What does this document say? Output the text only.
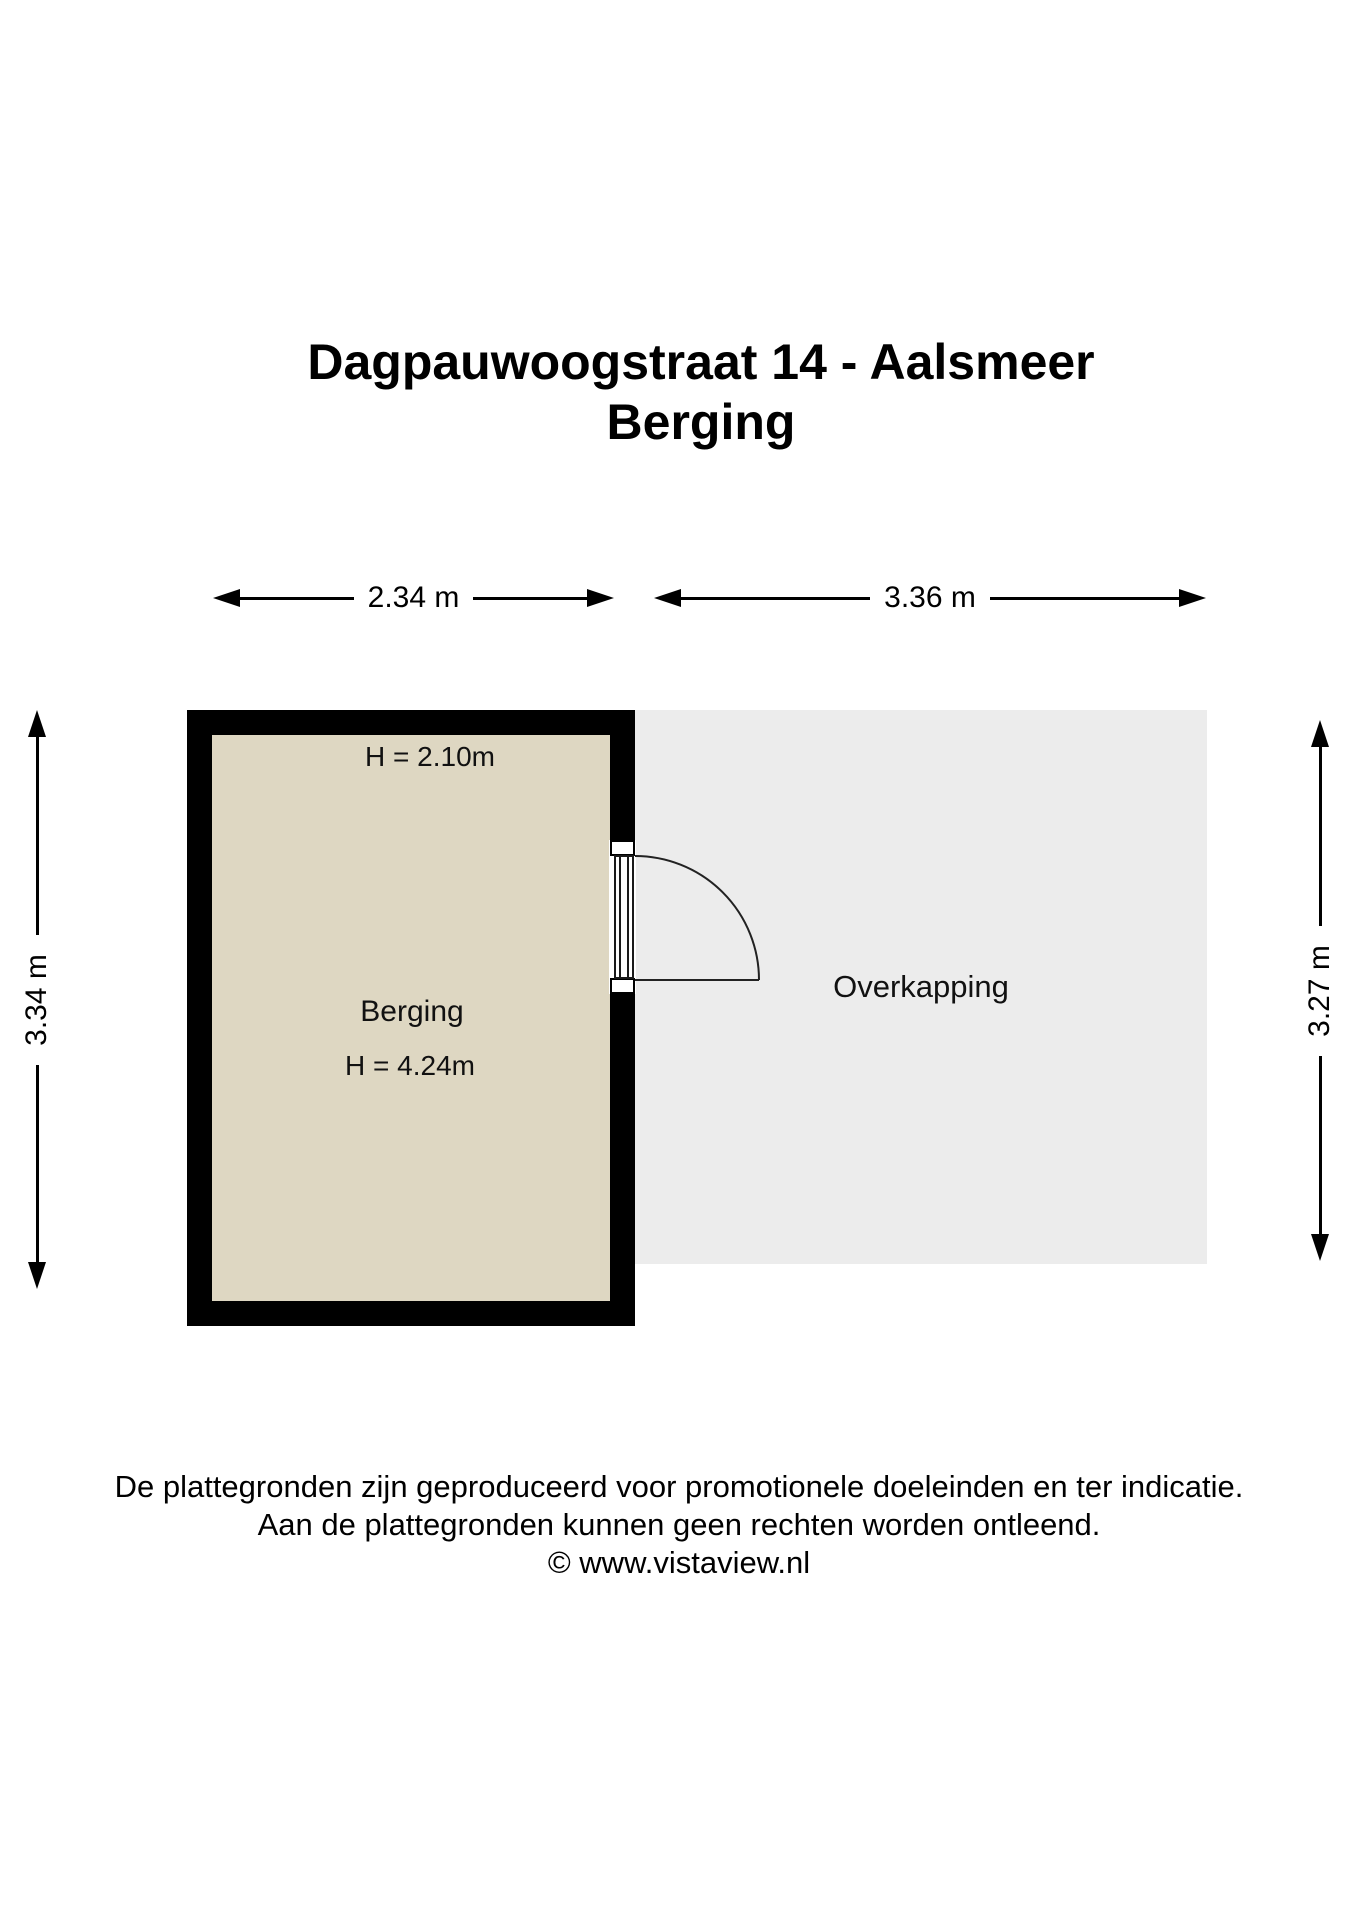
Dagpauwoogstraat 14 - Aalsmeer
Berging
2.34 m	3.36 m
3.34 m	3.27 m
Overkapping
H = 2.10m
Berging
H = 4.24m
De plattegronden zijn geproduceerd voor promotionele doeleinden en ter indicatie.
Aan de plattegronden kunnen geen rechten worden ontleend.
© www.vistaview.nl
